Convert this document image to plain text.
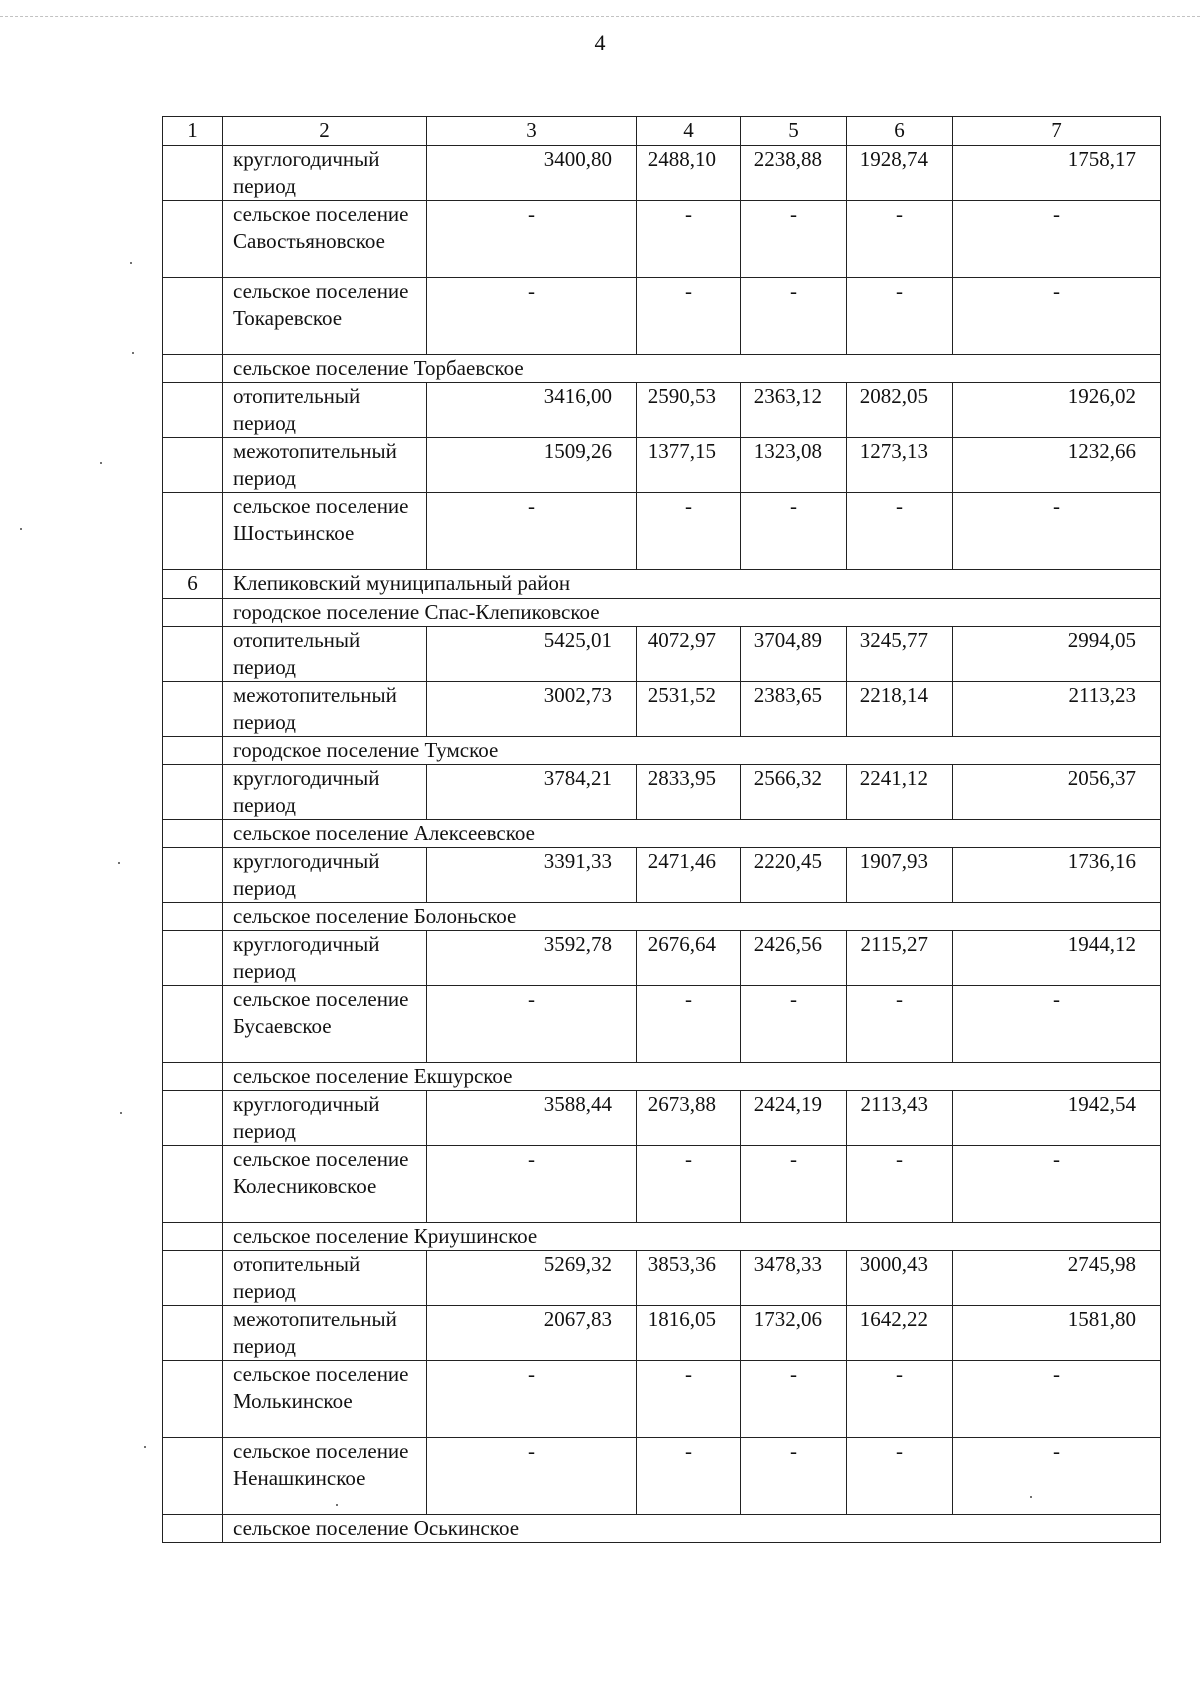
4
1	2	3	4	5	6	7
	круглогодичный период	3400,80	2488,10	2238,88	1928,74	1758,17
	сельское поселение Савостьяновское	-	-	-	-	-
	сельское поселение Токаревское	-	-	-	-	-
	сельское поселение Торбаевское					
	отопительный период	3416,00	2590,53	2363,12	2082,05	1926,02
	межотопительный период	1509,26	1377,15	1323,08	1273,13	1232,66
	сельское поселение Шостьинское	-	-	-	-	-
6	Клепиковский муниципальный район					
	городское поселение Спас-Клепиковское					
	отопительный период	5425,01	4072,97	3704,89	3245,77	2994,05
	межотопительный период	3002,73	2531,52	2383,65	2218,14	2113,23
	городское поселение Тумское					
	круглогодичный период	3784,21	2833,95	2566,32	2241,12	2056,37
	сельское поселение Алексеевское					
	круглогодичный период	3391,33	2471,46	2220,45	1907,93	1736,16
	сельское поселение Болоньское					
	круглогодичный период	3592,78	2676,64	2426,56	2115,27	1944,12
	сельское поселение Бусаевское	-	-	-	-	-
	сельское поселение Екшурское					
	круглогодичный период	3588,44	2673,88	2424,19	2113,43	1942,54
	сельское поселение Колесниковское	-	-	-	-	-
	сельское поселение Криушинское					
	отопительный период	5269,32	3853,36	3478,33	3000,43	2745,98
	межотопительный период	2067,83	1816,05	1732,06	1642,22	1581,80
	сельское поселение Молькинское	-	-	-	-	-
	сельское поселение Ненашкинское	-	-	-	-	-
	сельское поселение Оськинское					
